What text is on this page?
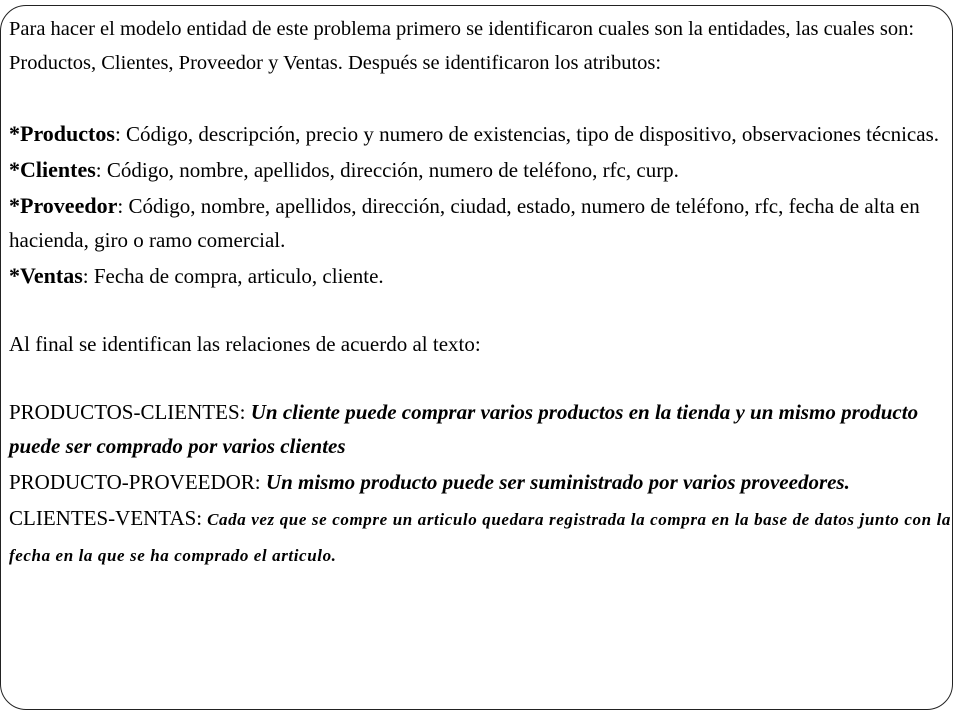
Para hacer el modelo entidad de este problema primero se identificaron cuales son la entidades, las cuales son: Productos, Clientes, Proveedor y Ventas. Después se identificaron los atributos:

*Productos: Código, descripción, precio y numero de existencias, tipo de dispositivo, observaciones técnicas.

*Clientes: Código, nombre, apellidos, dirección, numero de teléfono, rfc, curp.

*Proveedor: Código, nombre, apellidos, dirección, ciudad, estado, numero de teléfono, rfc, fecha de alta en hacienda, giro o ramo comercial.

*Ventas: Fecha de compra, articulo, cliente.

Al final se identifican las relaciones de acuerdo al texto:

PRODUCTOS-CLIENTES: Un cliente puede comprar varios productos en la tienda y un mismo producto puede ser comprado por varios clientes

PRODUCTO-PROVEEDOR: Un mismo producto puede ser suministrado por varios proveedores.

CLIENTES-VENTAS: Cada vez que se compre un articulo quedara registrada la compra en la base de datos junto con la fecha en la que se ha comprado el articulo.
